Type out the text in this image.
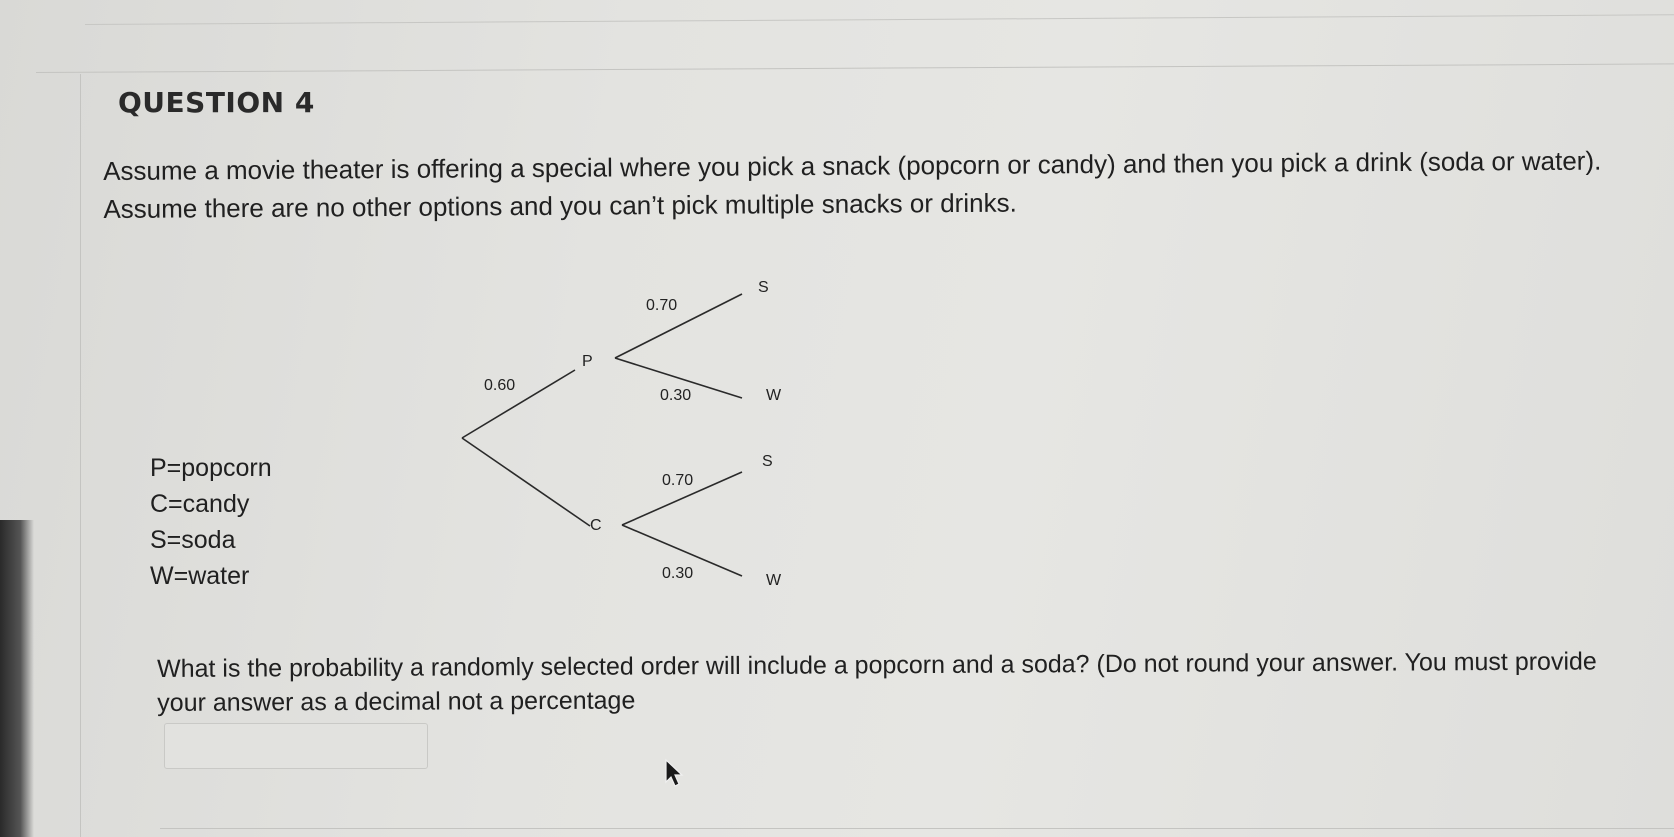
QUESTION 4
Assume a movie theater is offering a special where you pick a snack (popcorn or candy) and then you pick a drink (soda or water). Assume there are no other options and you can’t pick multiple snacks or drinks.
P=popcorn
C=candy
S=soda
W=water
0.60
P
C
0.70
0.30
0.70
0.30
S
W
S
W
What is the probability a randomly selected order will include a popcorn and a soda? (Do not round your answer. You must provide your answer as a decimal not a percentage
